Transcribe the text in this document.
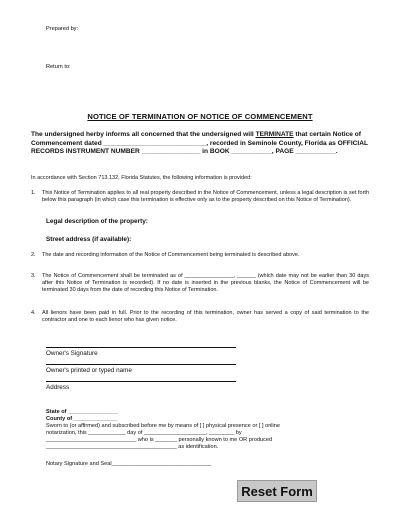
Prepared by:
Return to:
NOTICE OF TERMINATION OF NOTICE OF COMMENCEMENT
The undersigned herby informs all concerned that the undersigned will TERMINATE that certain Notice of Commencement dated ____________________________, recorded in Seminole County, Florida as OFFICIAL RECORDS INSTRUMENT NUMBER ________________ in BOOK ___________, PAGE ___________.
In accordance with Section 713.132, Florida Statutes, the following information is provided:
1.	This Notice of Termination applies to all real property described in the Notice of Commencement, unless a legal description is set forth below this paragraph (in which case this termination is effective only as to the property described on this Notice of Termination).
Legal description of the property:
Street address (if available):
2.	The date and recording information of the Notice of Commencement being terminated is described above.
3.	The Notice of Commencement shall be terminated as of ________________, ______ (which date may not be earlier than 30 days after this Notice of Termination is recorded). If no date is inserted in the previous blanks, the Notice of Commencement will be terminated 30 days from the date of recording this Notice of Termination.
4.	All lienors have been paid in full. Prior to the recording of this termination, owner has served a copy of said termination to the contractor and one to each lienor who has given notice.
Owner's Signature
Owner's printed or typed name
Address
State of ________________
County of ______________
Sworn to (or affirmed) and subscribed before me by means of [ ] physical presence or [ ] online
notarization, this ____________ day of ____________________, ________ by
_____________________________ who is _______ personally known to me OR produced
__________________________________________ as identification.
Notary Signature and Seal________________________________
Reset Form
